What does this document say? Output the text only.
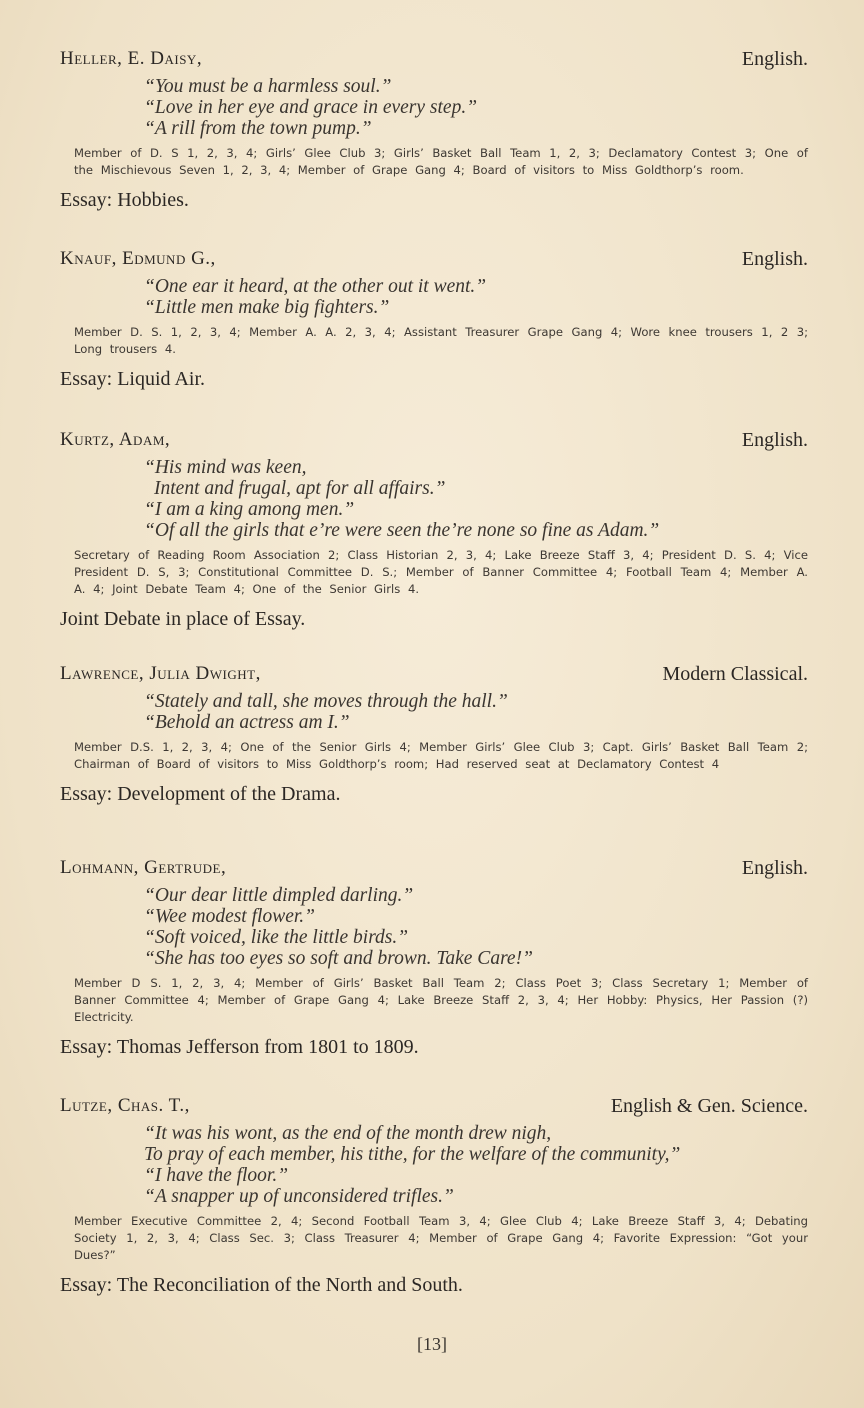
Heller, E. Daisy,	English.
“You must be a harmless soul.”
“Love in her eye and grace in every step.”
“A rill from the town pump.”
Member of D. S 1, 2, 3, 4; Girls’ Glee Club 3; Girls’ Basket Ball Team 1, 2, 3; Declamatory Contest 3; One of the Mischievous Seven 1, 2, 3, 4; Member of Grape Gang 4; Board of visitors to Miss Goldthorp’s room.
Essay: Hobbies.
Knauf, Edmund G.,	English.
“One ear it heard, at the other out it went.”
“Little men make big fighters.”
Member D. S. 1, 2, 3, 4; Member A. A. 2, 3, 4; Assistant Treasurer Grape Gang 4; Wore knee trousers 1, 2 3; Long trousers 4.
Essay: Liquid Air.
Kurtz, Adam,	English.
“His mind was keen,
Intent and frugal, apt for all affairs.”
“I am a king among men.”
“Of all the girls that e’re were seen the’re none so fine as Adam.”
Secretary of Reading Room Association 2; Class Historian 2, 3, 4; Lake Breeze Staff 3, 4; President D. S. 4; Vice President D. S, 3; Constitutional Committee D. S.; Member of Banner Committee 4; Football Team 4; Member A. A. 4; Joint Debate Team 4; One of the Senior Girls 4.
Joint Debate in place of Essay.
Lawrence, Julia Dwight,	Modern Classical.
“Stately and tall, she moves through the hall.”
“Behold an actress am I.”
Member D.S. 1, 2, 3, 4; One of the Senior Girls 4; Member Girls’ Glee Club 3; Capt. Girls’ Basket Ball Team 2; Chairman of Board of visitors to Miss Goldthorp’s room; Had reserved seat at Declamatory Contest 4
Essay: Development of the Drama.
Lohmann, Gertrude,	English.
“Our dear little dimpled darling.”
“Wee modest flower.”
“Soft voiced, like the little birds.”
“She has too eyes so soft and brown. Take Care!”
Member D S. 1, 2, 3, 4; Member of Girls’ Basket Ball Team 2; Class Poet 3; Class Secretary 1; Member of Banner Committee 4; Member of Grape Gang 4; Lake Breeze Staff 2, 3, 4; Her Hobby: Physics, Her Passion (?) Electricity.
Essay: Thomas Jefferson from 1801 to 1809.
Lutze, Chas. T.,	English & Gen. Science.
“It was his wont, as the end of the month drew nigh,
To pray of each member, his tithe, for the welfare of the community,”
“I have the floor.”
“A snapper up of unconsidered trifles.”
Member Executive Committee 2, 4; Second Football Team 3, 4; Glee Club 4; Lake Breeze Staff 3, 4; Debating Society 1, 2, 3, 4; Class Sec. 3; Class Treasurer 4; Member of Grape Gang 4; Favorite Expression: “Got your Dues?”
Essay: The Reconciliation of the North and South.
[13]
